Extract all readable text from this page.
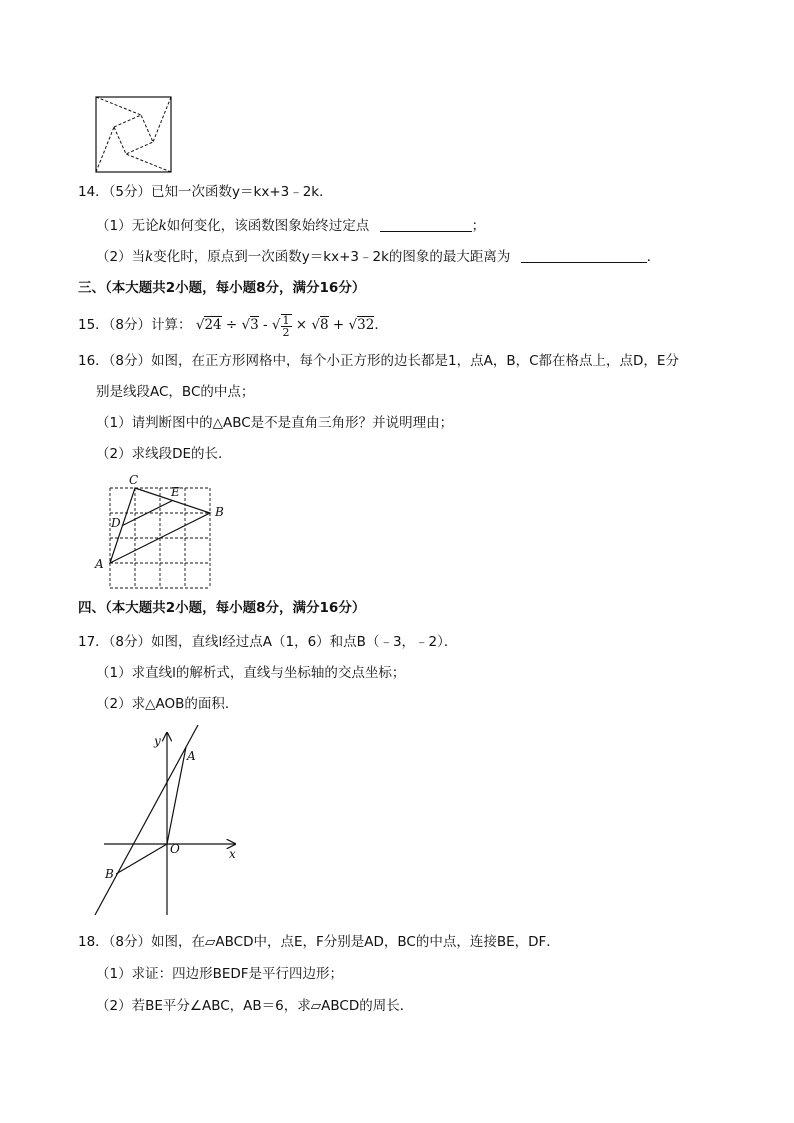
14．（5分）已知一次函数y＝kx+3﹣2k．
（1）无论k如何变化，该函数图象始终过定点	；
（2）当k变化时，原点到一次函数y＝kx+3﹣2k的图象的最大距离为	．
三、（本大题共2小题，每小题8分，满分16分）
15．（8分）计算： √24 ÷ √3 - √ $\frac{1}{2} \times √8 + √32$．
16．（8分）如图，在正方形网格中，每个小正方形的边长都是1，点A，B，C都在格点上，点D，E分
别是线段AC，BC的中点；
（1）请判断图中的△ABC是不是直角三角形？并说明理由；
（2）求线段DE的长．
C
E
D
B
A
四、（本大题共2小题，每小题8分，满分16分）
17．（8分）如图，直线l经过点A（1，6）和点B（﹣3，﹣2）．
（1）求直线l的解析式，直线与坐标轴的交点坐标；
（2）求△AOB的面积．
y
x
O
A
B
18．（8分）如图，在▱ABCD中，点E，F分别是AD，BC的中点，连接BE，DF．
（1）求证：四边形BEDF是平行四边形；
（2）若BE平分∠ABC，AB＝6，求▱ABCD的周长．
